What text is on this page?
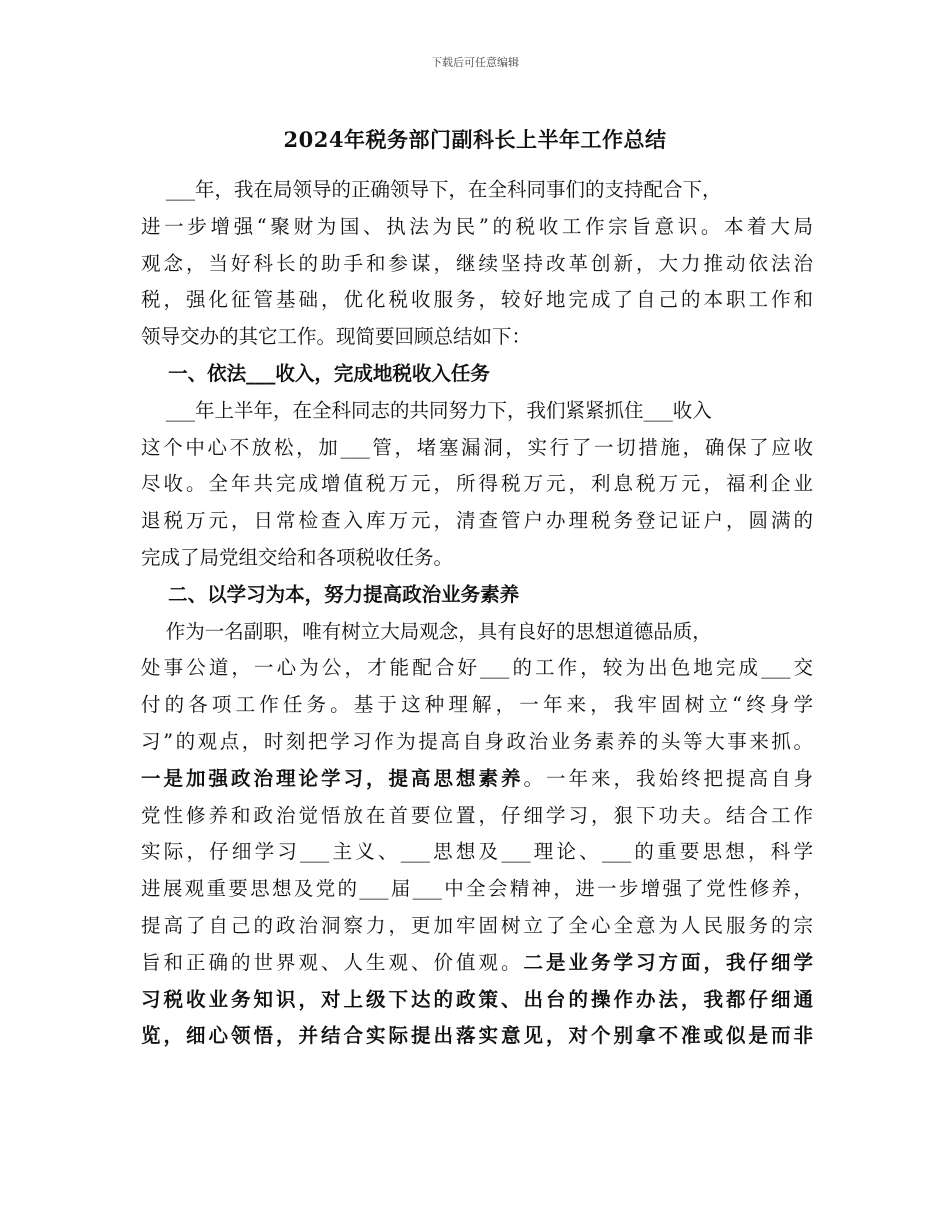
下载后可任意编辑
2024年税务部门副科长上半年工作总结
___年，我在局领导的正确领导下，在全科同事们的支持配合下，
进一步增强“聚财为国、执法为民”的税收工作宗旨意识。本着大局
观念，当好科长的助手和参谋，继续坚持改革创新，大力推动依法治
税，强化征管基础，优化税收服务，较好地完成了自己的本职工作和
领导交办的其它工作。现简要回顾总结如下：
一、依法___收入，完成地税收入任务
___年上半年，在全科同志的共同努力下，我们紧紧抓住___收入
这个中心不放松，加___管，堵塞漏洞，实行了一切措施，确保了应收
尽收。全年共完成增值税万元，所得税万元，利息税万元，福利企业
退税万元，日常检查入库万元，清查管户办理税务登记证户，圆满的
完成了局党组交给和各项税收任务。
二、以学习为本，努力提高政治业务素养
作为一名副职，唯有树立大局观念，具有良好的思想道德品质，
处事公道，一心为公，才能配合好___的工作，较为出色地完成___交
付的各项工作任务。基于这种理解，一年来，我牢固树立“终身学
习”的观点，时刻把学习作为提高自身政治业务素养的头等大事来抓。
一是加强政治理论学习，提高思想素养。一年来，我始终把提高自身
党性修养和政治觉悟放在首要位置，仔细学习，狠下功夫。结合工作
实际，仔细学习___主义、___思想及___理论、___的重要思想，科学
进展观重要思想及党的___届___中全会精神，进一步增强了党性修养，
提高了自己的政治洞察力，更加牢固树立了全心全意为人民服务的宗
旨和正确的世界观、人生观、价值观。二是业务学习方面，我仔细学
习税收业务知识，对上级下达的政策、出台的操作办法，我都仔细通
览，细心领悟，并结合实际提出落实意见，对个别拿不准或似是而非
